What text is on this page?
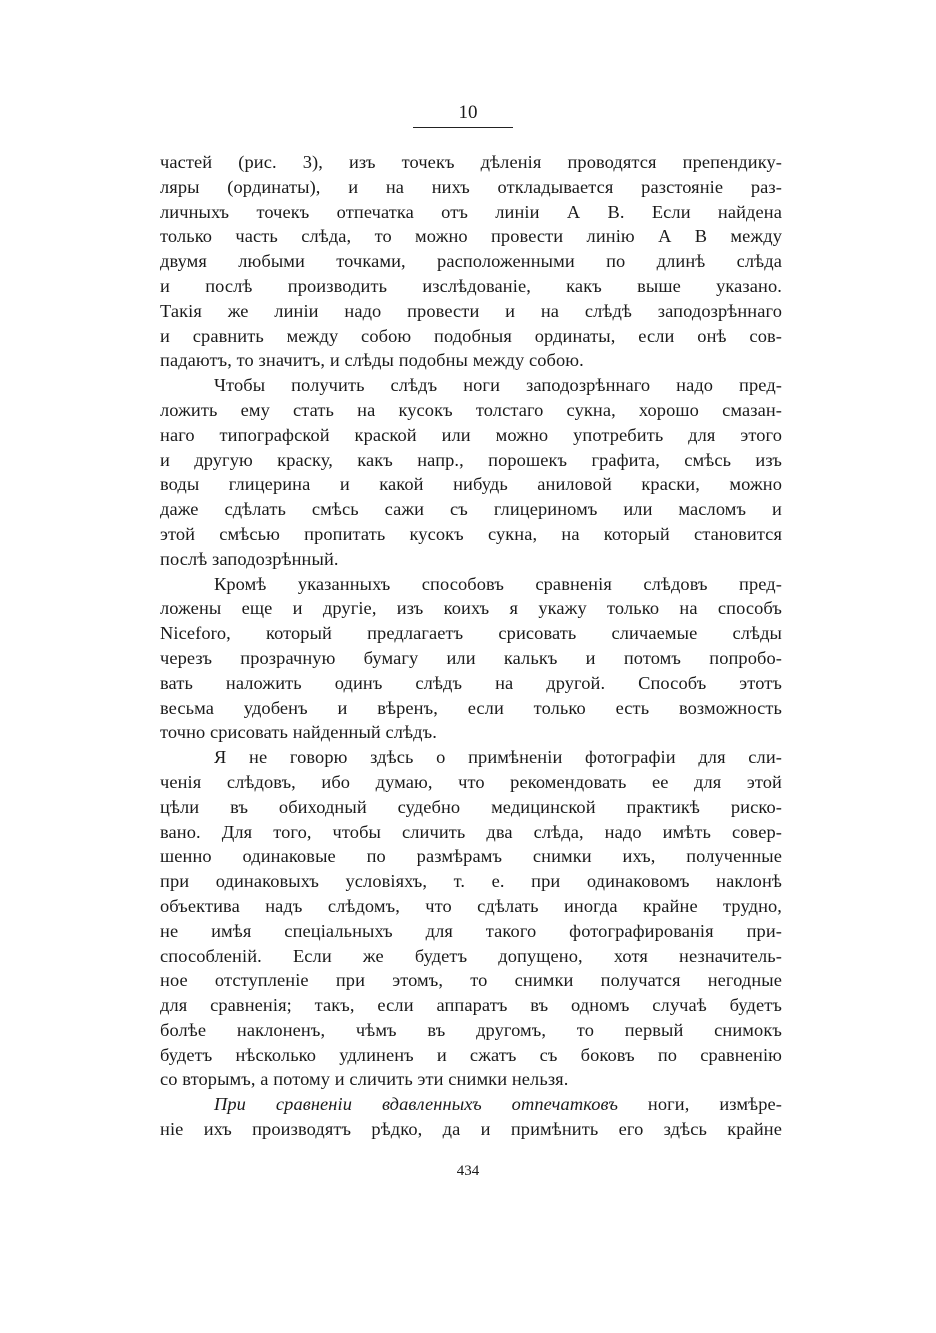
10
частей (рис. 3), изъ точекъ дѣленія проводятся препендику-
ляры (ординаты), и на нихъ откладывается разстояніе раз-
личныхъ точекъ отпечатка отъ линіи А В. Если найдена
только часть слѣда, то можно провести линію А В между
двумя любыми точками, расположенными по длинѣ слѣда
и послѣ производить изслѣдованіе, какъ выше указано.
Такія же линіи надо провести и на слѣдѣ заподозрѣннаго
и сравнить между собою подобныя ординаты, если онѣ сов-
падаютъ, то значитъ, и слѣды подобны между собою.
Чтобы получить слѣдъ ноги заподозрѣннаго надо пред-
ложить ему стать на кусокъ толстаго сукна, хорошо смазан-
наго типографской краской или можно употребить для этого
и другую краску, какъ напр., порошекъ графита, смѣсь изъ
воды глицерина и какой нибудь аниловой краски, можно
даже сдѣлать смѣсь сажи съ глицериномъ или масломъ и
этой смѣсью пропитать кусокъ сукна, на который становится
послѣ заподозрѣнный.
Кромѣ указанныхъ способовъ сравненія слѣдовъ пред-
ложены еще и другіе, изъ коихъ я укажу только на способъ
Nicefоrо, который предлагаетъ срисовать сличаемые слѣды
черезъ прозрачную бумагу или калькъ и потомъ попробо-
вать наложить одинъ слѣдъ на другой. Способъ этотъ
весьма удобенъ и вѣренъ, если только есть возможность
точно срисовать найденный слѣдъ.
Я не говорю здѣсь о примѣненіи фотографіи для сли-
ченія слѣдовъ, ибо думаю, что рекомендовать ее для этой
цѣли въ обиходный судебно медицинской практикѣ риско-
вано. Для того, чтобы сличить два слѣда, надо имѣть совер-
шенно одинаковые по размѣрамъ снимки ихъ, полученные
при одинаковыхъ условіяхъ, т. е. при одинаковомъ наклонѣ
объектива надъ слѣдомъ, что сдѣлать иногда крайне трудно,
не имѣя спеціальныхъ для такого фотографированія при-
способленій. Если же будетъ допущено, хотя незначитель-
ное отступленіе при этомъ, то снимки получатся негодные
для сравненія; такъ, если аппаратъ въ одномъ случаѣ будетъ
болѣе наклоненъ, чѣмъ въ другомъ, то первый снимокъ
будетъ нѣсколько удлиненъ и сжатъ съ боковъ по сравненію
со вторымъ, а потому и сличить эти снимки нельзя.
При сравненіи вдавленныхъ отпечатковъ ноги, измѣре-
ніе ихъ производятъ рѣдко, да и примѣнить его здѣсь крайне
434
